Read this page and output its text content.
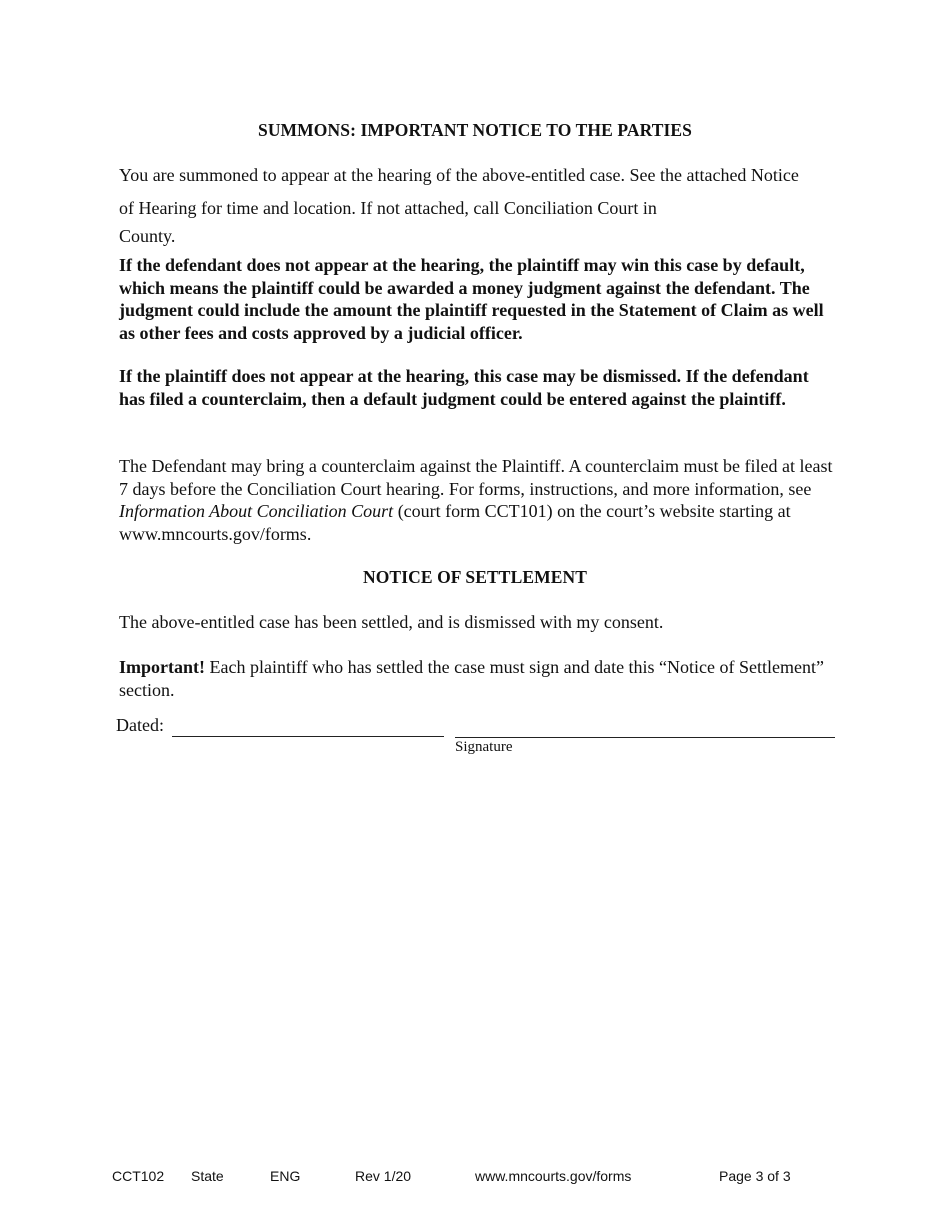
SUMMONS: IMPORTANT NOTICE TO THE PARTIES
You are summoned to appear at the hearing of the above-entitled case. See the attached Notice
of Hearing for time and location. If not attached, call Conciliation Court in
County.
If the defendant does not appear at the hearing, the plaintiff may win this case by default, which means the plaintiff could be awarded a money judgment against the defendant. The judgment could include the amount the plaintiff requested in the Statement of Claim as well as other fees and costs approved by a judicial officer.
If the plaintiff does not appear at the hearing, this case may be dismissed. If the defendant has filed a counterclaim, then a default judgment could be entered against the plaintiff.
The Defendant may bring a counterclaim against the Plaintiff. A counterclaim must be filed at least 7 days before the Conciliation Court hearing. For forms, instructions, and more information, see Information About Conciliation Court (court form CCT101) on the court’s website starting at www.mncourts.gov/forms.
NOTICE OF SETTLEMENT
The above-entitled case has been settled, and is dismissed with my consent.
Important! Each plaintiff who has settled the case must sign and date this “Notice of Settlement” section.
Dated:
Signature
CCT102 State	ENG	Rev 1/20	www.mncourts.gov/forms	Page 3 of 3
